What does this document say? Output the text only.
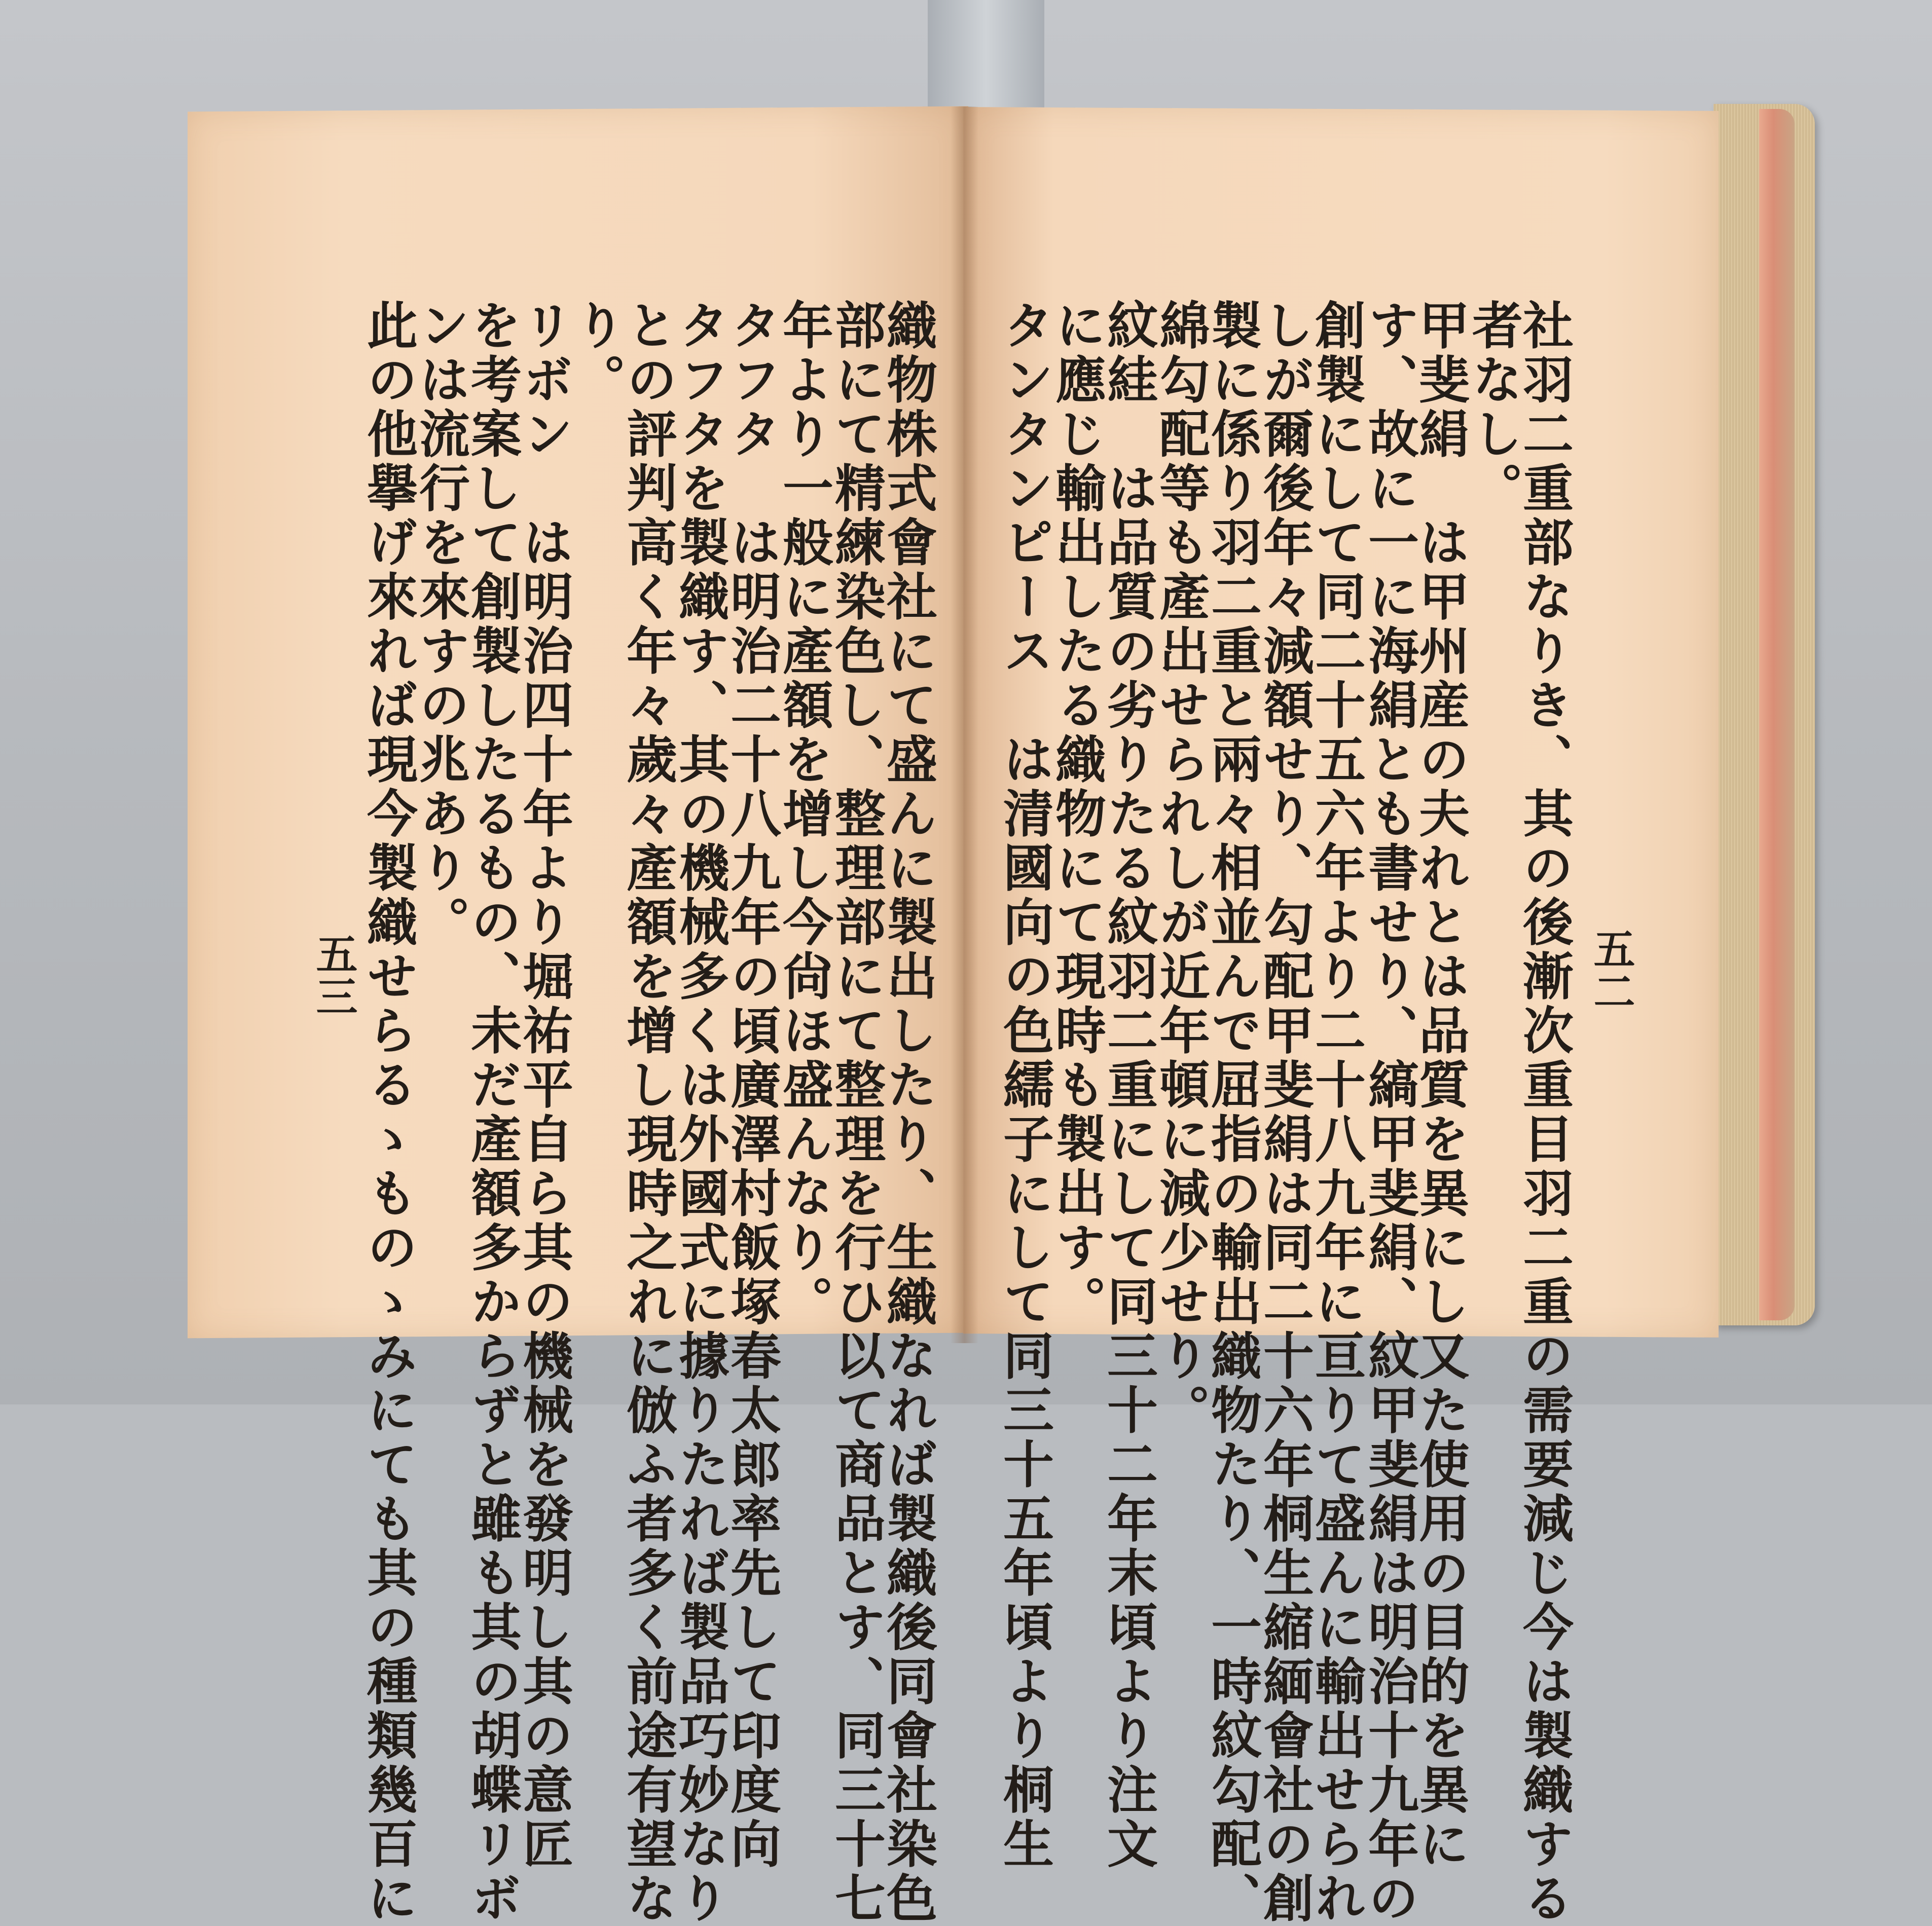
社羽二重部なりき、其の後漸次重目羽二重の需要減じ今は製織する
者なし。
甲斐絹　は甲州産の夫れとは品質を異にし又た使用の目的を異に
す、故に一に海絹とも書せり、縞甲斐絹、紋甲斐絹は明治十九年の
創製にして同二十五六年より二十八九年に亘りて盛んに輸出せられ
しが爾後年々減額せり、勾配甲斐絹は同二十六年桐生縮緬會社の創
製に係り羽二重と兩々相並んで屈指の輸出織物たり、一時紋勾配、
綿勾配等も產出せられしが近年頓に減少せり。
紋絓　は品質の劣りたる紋羽二重にして同三十二年末頃より注文
に應じ輸出したる織物にて現時も製出す。
タンタンピース　は清國向の色繻子にして同三十五年頃より桐生	五二
織物株式會社にて盛んに製出したり、生織なれば製織後同會社染色
部にて精練染色し、整理部にて整理を行ひ以て商品とす、同三十七
年より一般に產額を增し今尙ほ盛んなり。
タフタ　は明治二十八九年の頃廣澤村飯塚春太郎率先して印度向
タフタを製織す、其の機械多くは外國式に據りたれば製品巧妙なり
との評判高く年々歲々產額を增し現時之れに倣ふ者多く前途有望な
り。
リボン　は明治四十年より堀祐平自ら其の機械を發明し其の意匠
を考案して創製したるもの、未だ產額多からずと雖も其の胡蝶リボ
ンは流行を來すの兆あり。
此の他擧げ來れば現今製織せらるゝものゝみにても其の種類幾百に
五三
